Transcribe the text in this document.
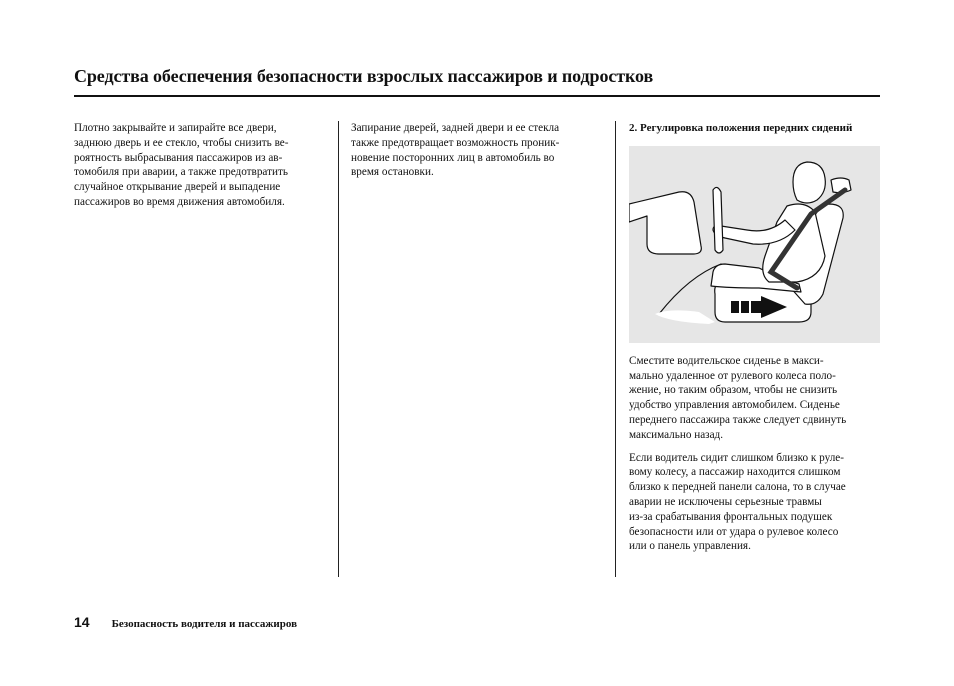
Средства обеспечения безопасности взрослых пассажиров и подростков

Плотно закрывайте и запирайте все двери,
заднюю дверь и ее стекло, чтобы снизить ве-
роятность выбрасывания пассажиров из ав-
томобиля при аварии, а также предотвратить
случайное открывание дверей и выпадение
пассажиров во время движения автомобиля.

Запирание дверей, задней двери и ее стекла
также предотвращает возможность проник-
новение посторонних лиц в автомобиль во
время остановки.

2. Регулировка положения передних сидений

Сместите водительское сиденье в макси-
мально удаленное от рулевого колеса поло-
жение, но таким образом, чтобы не снизить
удобство управления автомобилем. Сиденье
переднего пассажира также следует сдвинуть
максимально назад.

Если водитель сидит слишком близко к руле-
вому колесу, а пассажир находится слишком
близко к передней панели салона, то в случае
аварии не исключены серьезные травмы
из-за срабатывания фронтальных подушек
безопасности или от удара о рулевое колесо
или о панель управления.

14 Безопасность водителя и пассажиров
